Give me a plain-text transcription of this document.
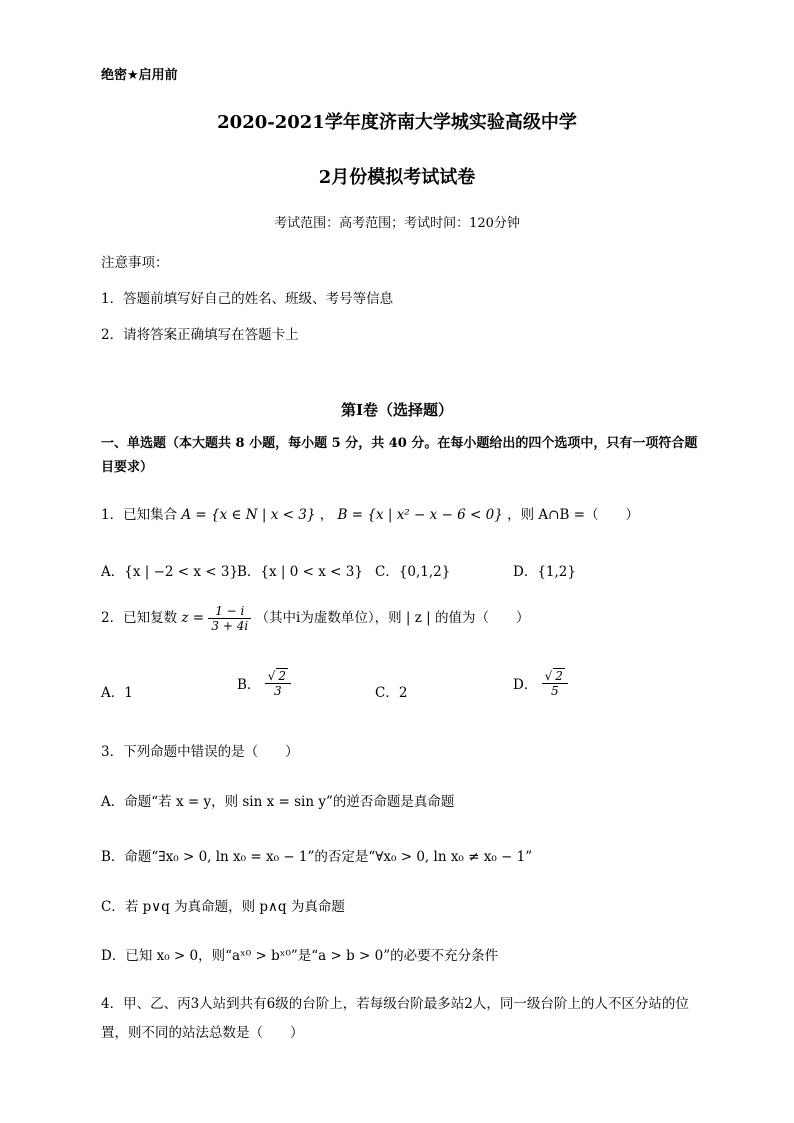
绝密★启用前
2020-2021学年度济南大学城实验高级中学
2月份模拟考试试卷
考试范围：高考范围；考试时间：120分钟
注意事项：
1．答题前填写好自己的姓名、班级、考号等信息
2．请将答案正确填写在答题卡上
第I卷（选择题）
一、单选题（本大题共 8 小题，每小题 5 分，共 40 分。在每小题给出的四个选项中，只有一项符合题目要求）
1．已知集合 A = {x ∈ N | x < 3} ， B = {x | x² − x − 6 < 0} ，则 A∩B =（　　）
A．{x | −2 < x < 3}
B．{x | 0 < x < 3} C．{0,1,2}	D．{1,2}
2．已知复数 $z = \frac{1 - i}{3 + 4i}$ （其中i为虚数单位），则 | z | 的值为（　　）
A．1	B． $\frac{√ 2}{3}$	C．2	D． $\frac{√ 2}{5}$
3．下列命题中错误的是（　　）
A．命题“若 x = y，则 sin x = sin y”的逆否命题是真命题
B．命题“∃x₀ > 0, ln x₀ = x₀ − 1”的否定是“∀x₀ > 0, ln x₀ ≠ x₀ − 1”
C．若 p∨q 为真命题，则 p∧q 为真命题
D．已知 x₀ > 0，则“aˣ⁰ > bˣ⁰”是“a > b > 0”的必要不充分条件
4．甲、乙、丙3人站到共有6级的台阶上，若每级台阶最多站2人，同一级台阶上的人不区分站的位置，则不同的站法总数是（　　）
